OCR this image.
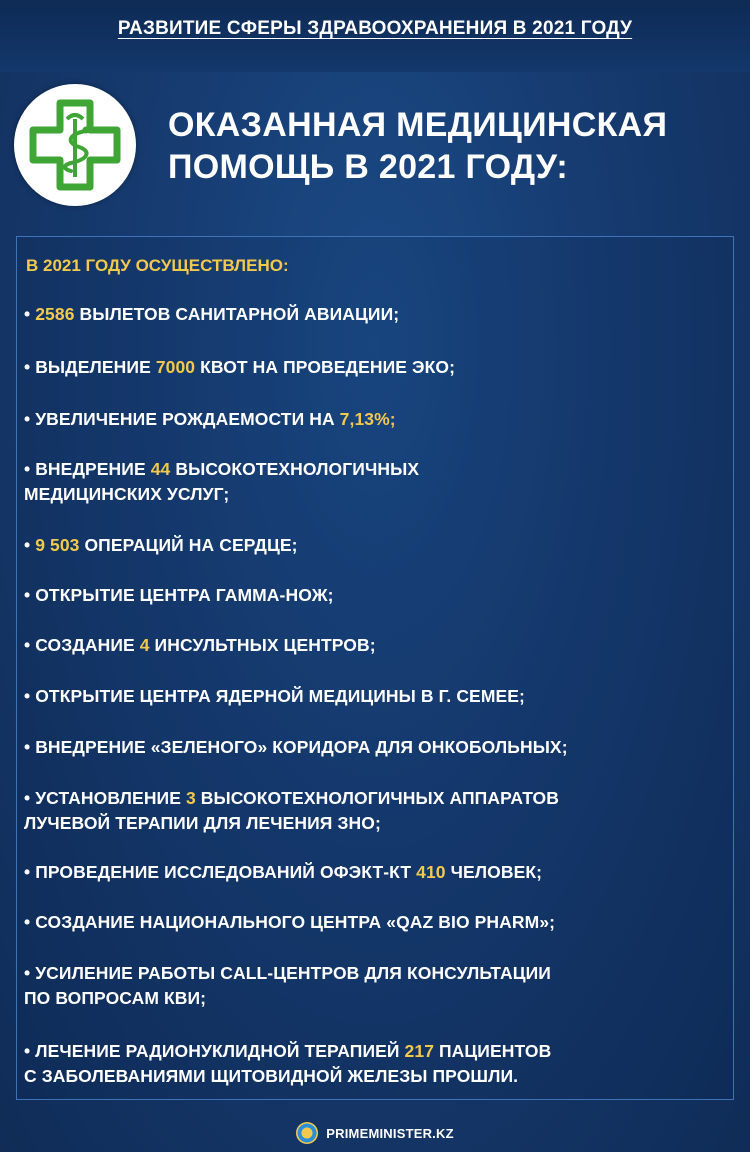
РАЗВИТИЕ СФЕРЫ ЗДРАВООХРАНЕНИЯ В 2021 ГОДУ
ОКАЗАННАЯ МЕДИЦИНСКАЯ
ПОМОЩЬ В 2021 ГОДУ:
В 2021 ГОДУ ОСУЩЕСТВЛЕНО:
• 2586 ВЫЛЕТОВ САНИТАРНОЙ АВИАЦИИ;
• ВЫДЕЛЕНИЕ 7000 КВОТ НА ПРОВЕДЕНИЕ ЭКО;
• УВЕЛИЧЕНИЕ РОЖДАЕМОСТИ НА 7,13%;
• ВНЕДРЕНИЕ 44 ВЫСОКОТЕХНОЛОГИЧНЫХ
МЕДИЦИНСКИХ УСЛУГ;
• 9 503 ОПЕРАЦИЙ НА СЕРДЦЕ;
• ОТКРЫТИЕ ЦЕНТРА ГАММА-НОЖ;
• СОЗДАНИЕ 4 ИНСУЛЬТНЫХ ЦЕНТРОВ;
• ОТКРЫТИЕ ЦЕНТРА ЯДЕРНОЙ МЕДИЦИНЫ В Г. СЕМЕЕ;
• ВНЕДРЕНИЕ «ЗЕЛЕНОГО» КОРИДОРА ДЛЯ ОНКОБОЛЬНЫХ;
• УСТАНОВЛЕНИЕ 3 ВЫСОКОТЕХНОЛОГИЧНЫХ АППАРАТОВ
ЛУЧЕВОЙ ТЕРАПИИ ДЛЯ ЛЕЧЕНИЯ ЗНО;
• ПРОВЕДЕНИЕ ИССЛЕДОВАНИЙ ОФЭКТ-КТ 410 ЧЕЛОВЕК;
• СОЗДАНИЕ НАЦИОНАЛЬНОГО ЦЕНТРА «QAZ BIO PHARM»;
• УСИЛЕНИЕ РАБОТЫ CALL-ЦЕНТРОВ ДЛЯ КОНСУЛЬТАЦИИ
ПО ВОПРОСАМ КВИ;
• ЛЕЧЕНИЕ РАДИОНУКЛИДНОЙ ТЕРАПИЕЙ 217 ПАЦИЕНТОВ
С ЗАБОЛЕВАНИЯМИ ЩИТОВИДНОЙ ЖЕЛЕЗЫ ПРОШЛИ.
PRIMEMINISTER.KZ
